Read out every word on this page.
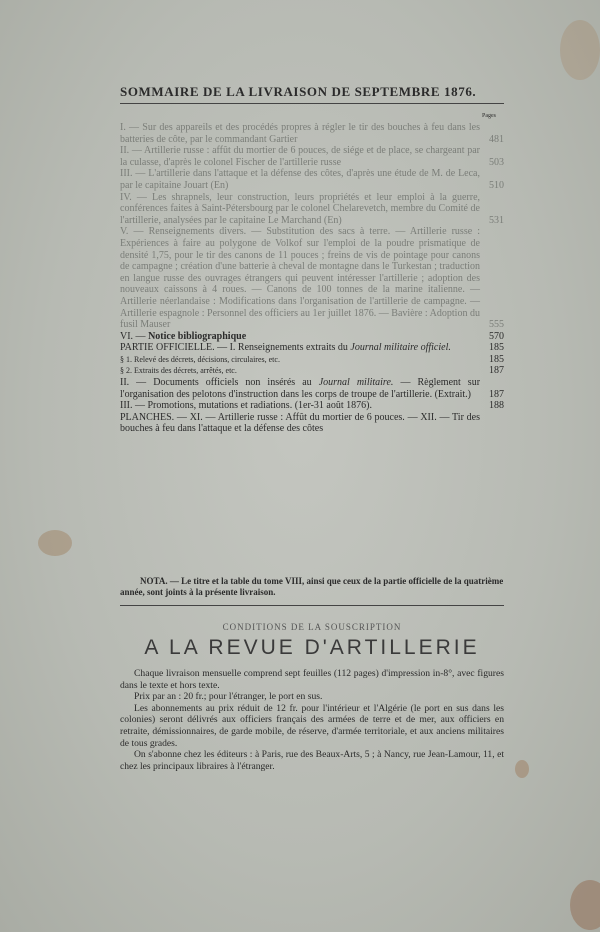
SOMMAIRE DE LA LIVRAISON DE SEPTEMBRE 1876.
Pages
I. — Sur des appareils et des procédés propres à régler le tir des bouches à feu dans les batteries de côte, par le commandant Gartier	481
II. — Artillerie russe : affût du mortier de 6 pouces, de siége et de place, se chargeant par la culasse, d'après le colonel Fischer de l'artillerie russe	503
III. — L'artillerie dans l'attaque et la défense des côtes, d'après une étude de M. de Leca, par le capitaine Jouart (En)	510
IV. — Les shrapnels, leur construction, leurs propriétés et leur emploi à la guerre, conférences faites à Saint-Pétersbourg par le colonel Chelarevetch, membre du Comité de l'artillerie, analysées par le capitaine Le Marchand (En)	531
V. — Renseignements divers. — Substitution des sacs à terre. — Artillerie russe : Expériences à faire au polygone de Volkof sur l'emploi de la poudre prismatique de densité 1,75, pour le tir des canons de 11 pouces ; freins de vis de pointage pour canons de campagne ; création d'une batterie à cheval de montagne dans le Turkestan ; traduction en langue russe des ouvrages étrangers qui peuvent intéresser l'artillerie ; adoption des nouveaux caissons à 4 roues. — Canons de 100 tonnes de la marine italienne. — Artillerie néerlandaise : Modifications dans l'organisation de l'artillerie de campagne. — Artillerie espagnole : Personnel des officiers au 1er juillet 1876. — Bavière : Adoption du fusil Mauser	555
VI. — Notice bibliographique	570
PARTIE OFFICIELLE. — I. Renseignements extraits du Journal militaire officiel.	185
§ 1. Relevé des décrets, décisions, circulaires, etc.	185
§ 2. Extraits des décrets, arrêtés, etc.	187
II. — Documents officiels non insérés au Journal militaire. — Règlement sur l'organisation des pelotons d'instruction dans les corps de troupe de l'artillerie. (Extrait.) 187
III. — Promotions, mutations et radiations. (1er-31 août 1876).	188
PLANCHES. — XI. — Artillerie russe : Affût du mortier de 6 pouces. — XII. — Tir des bouches à feu dans l'attaque et la défense des côtes
NOTA. — Le titre et la table du tome VIII, ainsi que ceux de la partie officielle de la quatrième année, sont joints à la présente livraison.
CONDITIONS DE LA SOUSCRIPTION
A LA REVUE D'ARTILLERIE

Chaque livraison mensuelle comprend sept feuilles (112 pages) d'impression in-8°, avec figures dans le texte et hors texte.

Prix par an : 20 fr.; pour l'étranger, le port en sus.

Les abonnements au prix réduit de 12 fr. pour l'intérieur et l'Algérie (le port en sus dans les colonies) seront délivrés aux officiers français des armées de terre et de mer, aux officiers en retraite, démissionnaires, de garde mobile, de réserve, d'armée territoriale, et aux anciens militaires de tous grades.

On s'abonne chez les éditeurs : à Paris, rue des Beaux-Arts, 5 ; à Nancy, rue Jean-Lamour, 11, et chez les principaux libraires à l'étranger.
